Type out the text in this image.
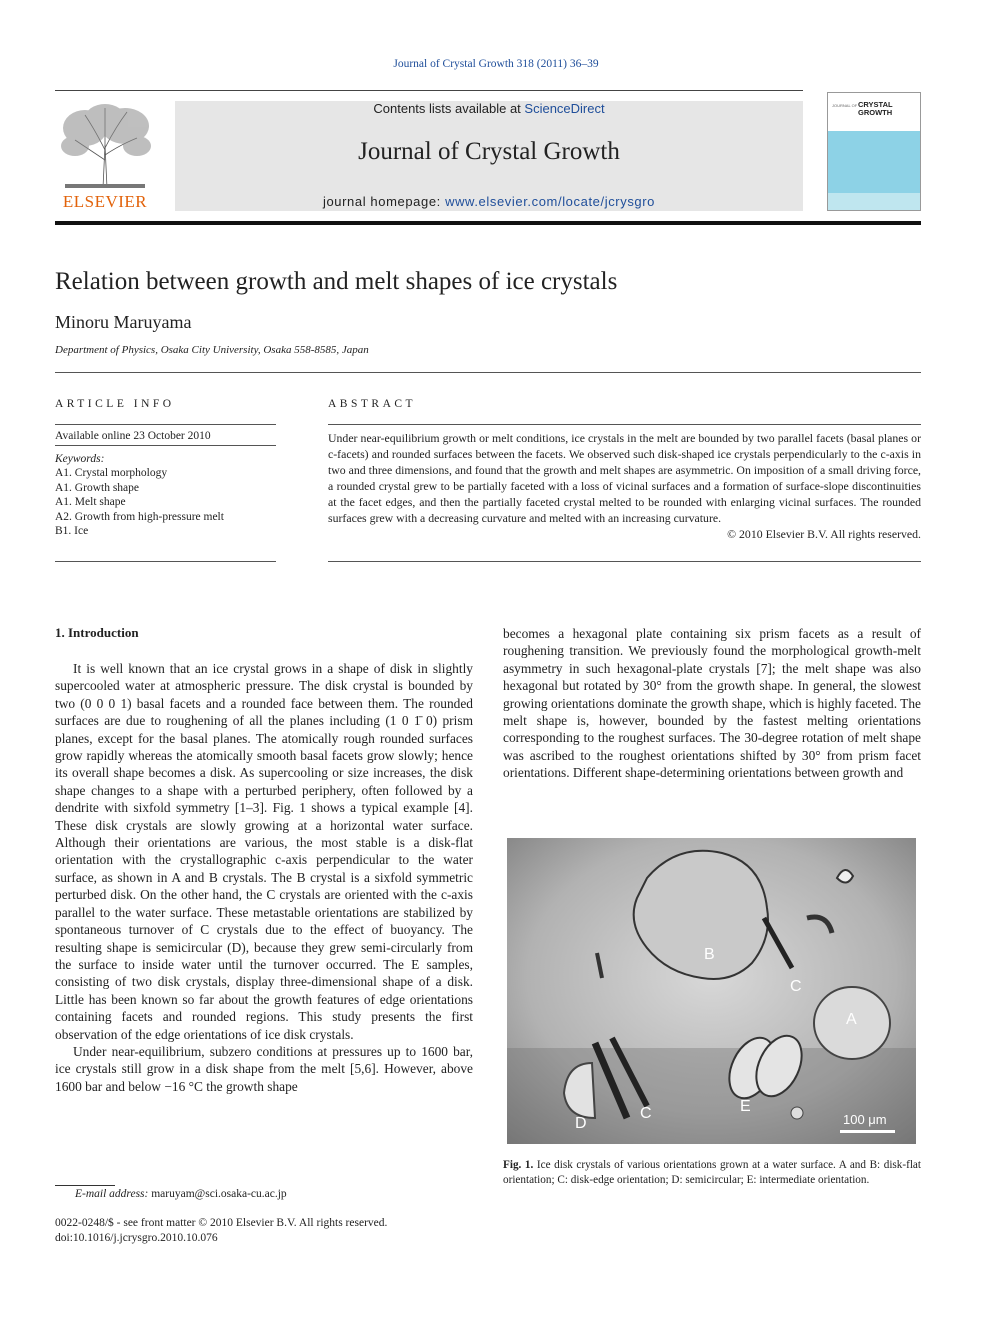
Journal of Crystal Growth 318 (2011) 36–39
ELSEVIER
Contents lists available at ScienceDirect
Journal of Crystal Growth
journal homepage: www.elsevier.com/locate/jcrysgro
JOURNAL OF CRYSTAL GROWTH
Relation between growth and melt shapes of ice crystals
Minoru Maruyama
Department of Physics, Osaka City University, Osaka 558-8585, Japan
ARTICLE INFO	ABSTRACT
Available online 23 October 2010
Keywords:
A1. Crystal morphology
A1. Growth shape
A1. Melt shape
A2. Growth from high-pressure melt
B1. Ice
Under near-equilibrium growth or melt conditions, ice crystals in the melt are bounded by two parallel facets (basal planes or c-facets) and rounded surfaces between the facets. We observed such disk-shaped ice crystals perpendicularly to the c-axis in two and three dimensions, and found that the growth and melt shapes are asymmetric. On imposition of a small driving force, a rounded crystal grew to be partially faceted with a loss of vicinal surfaces and a formation of surface-slope discontinuities at the facet edges, and then the partially faceted crystal melted to be rounded with enlarging vicinal surfaces. The rounded surfaces grew with a decreasing curvature and melted with an increasing curvature.
© 2010 Elsevier B.V. All rights reserved.
1. Introduction

It is well known that an ice crystal grows in a shape of disk in slightly supercooled water at atmospheric pressure. The disk crystal is bounded by two (0 0 0 1) basal facets and a rounded face between them. The rounded surfaces are due to roughening of all the planes including (1 0 1̄ 0) prism planes, except for the basal planes. The atomically rough rounded surfaces grow rapidly whereas the atomically smooth basal facets grow slowly; hence its overall shape becomes a disk. As supercooling or size increases, the disk shape changes to a shape with a perturbed periphery, often followed by a dendrite with sixfold symmetry [1–3]. Fig. 1 shows a typical example [4]. These disk crystals are slowly growing at a horizontal water surface. Although their orientations are various, the most stable is a disk-flat orientation with the crystallographic c-axis perpendicular to the water surface, as shown in A and B crystals. The B crystal is a sixfold symmetric perturbed disk. On the other hand, the C crystals are oriented with the c-axis parallel to the water surface. These metastable orientations are stabilized by spontaneous turnover of C crystals due to the effect of buoyancy. The resulting shape is semicircular (D), because they grew semi-circularly from the surface to inside water until the turnover occurred. The E samples, consisting of two disk crystals, display three-dimensional shape of a disk. Little has been known so far about the growth features of edge orientations containing facets and rounded regions. This study presents the first observation of the edge orientations of ice disk crystals.

Under near-equilibrium, subzero conditions at pressures up to 1600 bar, ice crystals still grow in a disk shape from the melt [5,6]. However, above 1600 bar and below −16 °C the growth shape

becomes a hexagonal plate containing six prism facets as a result of roughening transition. We previously found the morphological growth-melt asymmetry in such hexagonal-plate crystals [7]; the melt shape was also hexagonal but rotated by 30° from the growth shape. In general, the slowest growing orientations dominate the growth shape, which is highly faceted. The melt shape is, however, bounded by the fastest melting orientations corresponding to the roughest surfaces. The 30-degree rotation of melt shape was ascribed to the roughest orientations shifted by 30° from prism facet orientations. Different shape-determining orientations between growth and

B
C
A
E
D
C	100 μm
Fig. 1. Ice disk crystals of various orientations grown at a water surface. A and B: disk-flat orientation; C: disk-edge orientation; D: semicircular; E: intermediate orientation.
E-mail address: maruyam@sci.osaka-cu.ac.jp
0022-0248/$ - see front matter © 2010 Elsevier B.V. All rights reserved.
doi:10.1016/j.jcrysgro.2010.10.076
